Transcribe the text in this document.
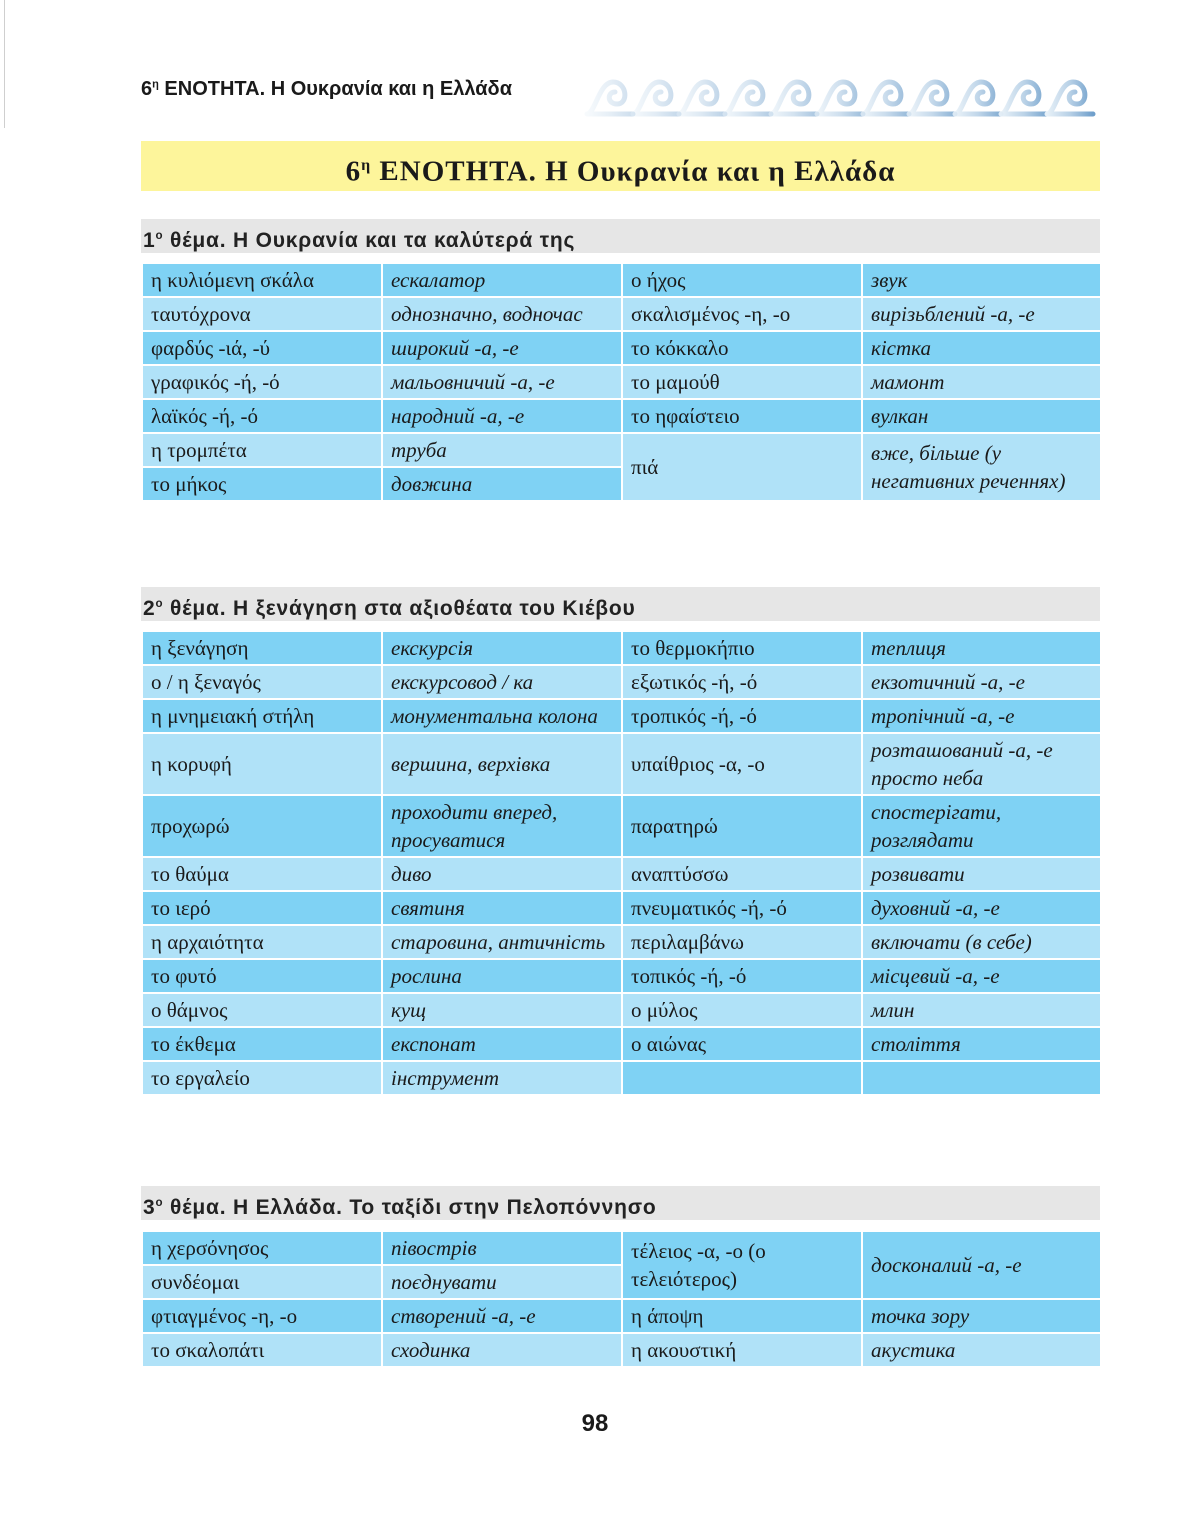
$6^\eta$ ΕΝΟΤΗΤΑ. Η Ουκρανία και η Ελλάδα
$6^\eta$ ΕΝΟΤΗΤΑ. Η Ουκρανία και η Ελλάδα
$1^o$ θέμα. Η Ουκρανία και τα καλύτερά της
η κυλιόμενη σκάλα	ескалатор	ο ήχος	звук
ταυτόχρονα	однозначно, водночас	σκαλισμένος -η, -ο	вирізьблений -а, -е
φαρδύς -ιά, -ύ	широкий -а, -е	το κόκκαλο	кістка
γραφικός -ή, -ό	мальовничий -а, -е	το μαμούθ	мамонт
λαϊκός -ή, -ό	народний -а, -е	το ηφαίστειο	вулкан
η τρομπέτα	труба	πιά	вже, більше (у негативних реченнях)
το μήκος	довжина		
$2^o$ θέμα. Η ξενάγηση στα αξιοθέατα του Κιέβου
η ξενάγηση	екскурсія	το θερμοκήπιο	теплиця
ο / η ξεναγός	екскурсовод / ка	εξωτικός -ή, -ό	екзотичний -а, -е
η μνημειακή στήλη	монументальна колона	τροπικός -ή, -ό	тропічний -а, -е
η κορυφή	вершина, верхівка	υπαίθριος -α, -ο	розташований -а, -е просто неба
προχωρώ	проходити вперед, просуватися	παρατηρώ	спостерігати, розглядати
το θαύμα	диво	αναπτύσσω	розвивати
το ιερό	святиня	πνευματικός -ή, -ό	духовний -а, -е
η αρχαιότητα	старовина, античність	περιλαμβάνω	включати (в себе)
το φυτό	рослина	τοπικός -ή, -ό	місцевий -а, -е
ο θάμνος	кущ	ο μύλος	млин
το έκθεμα	експонат	ο αιώνας	століття
το εργαλείο	інструмент		
$3^o$ θέμα. Η Ελλάδα. Το ταξίδι στην Πελοπόννησο
η χερσόνησος	півострів	τέλειος -α, -ο (ο τελειότερος)	досконалий -а, -е
συνδέομαι	поєднувати		
φτιαγμένος -η, -ο	створений -а, -е	η άποψη	точка зору
το σκαλοπάτι	сходинка	η ακουστική	акустика
98
